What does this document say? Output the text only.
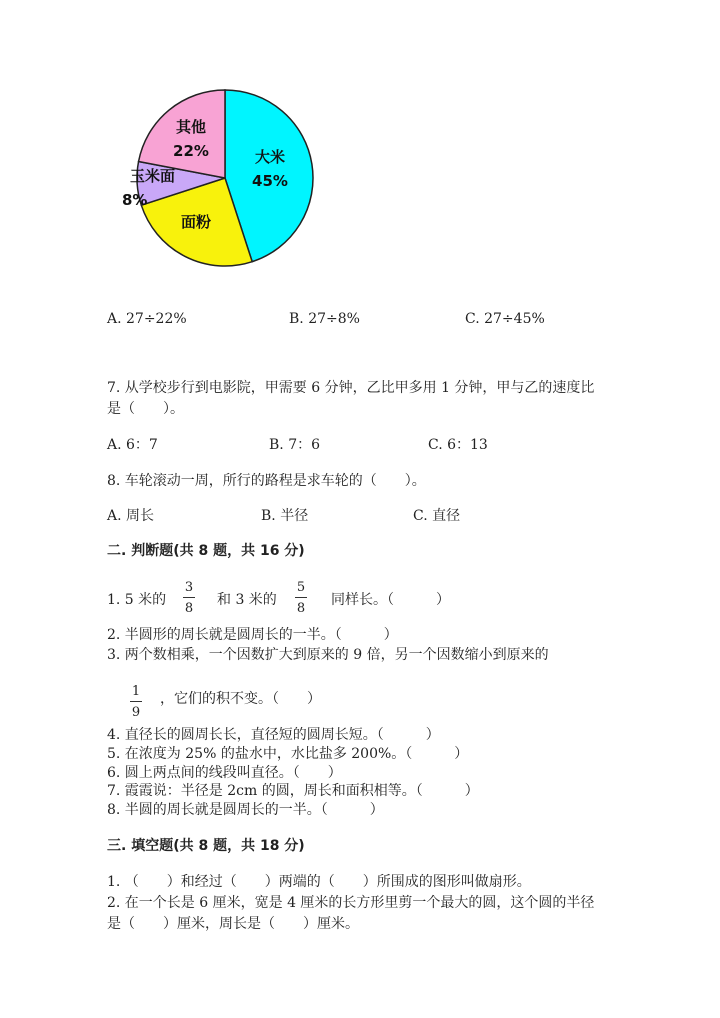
大米
45%
面粉
玉米面
8%
其他
22%
A. 27÷22%	B. 27÷8%	C. 27÷45%
7. 从学校步行到电影院，甲需要 6 分钟，乙比甲多用 1 分钟，甲与乙的速度比
是（　　）。
A. 6：7	B. 7：6	C. 6：13
8. 车轮滚动一周，所行的路程是求车轮的（　　）。
A. 周长	B. 半径	C. 直径
二. 判断题(共 8 题，共 16 分)
1. 5 米的
3
8
和 3 米的
5
8
同样长。（　　　）
2. 半圆形的周长就是圆周长的一半。（　　　）
3. 两个数相乘，一个因数扩大到原来的 9 倍，另一个因数缩小到原来的
1
9
，它们的积不变。（　　）
4. 直径长的圆周长长，直径短的圆周长短。（　　　）
5. 在浓度为 25% 的盐水中，水比盐多 200%。（　　　）
6. 圆上两点间的线段叫直径。（　　）
7. 霞霞说：半径是 2cm 的圆，周长和面积相等。（　　　）
8. 半圆的周长就是圆周长的一半。（　　　）
三. 填空题(共 8 题，共 18 分)
1. （　　）和经过（　　）两端的（　　）所围成的图形叫做扇形。
2. 在一个长是 6 厘米，宽是 4 厘米的长方形里剪一个最大的圆，这个圆的半径
是（　　）厘米，周长是（　　）厘米。
